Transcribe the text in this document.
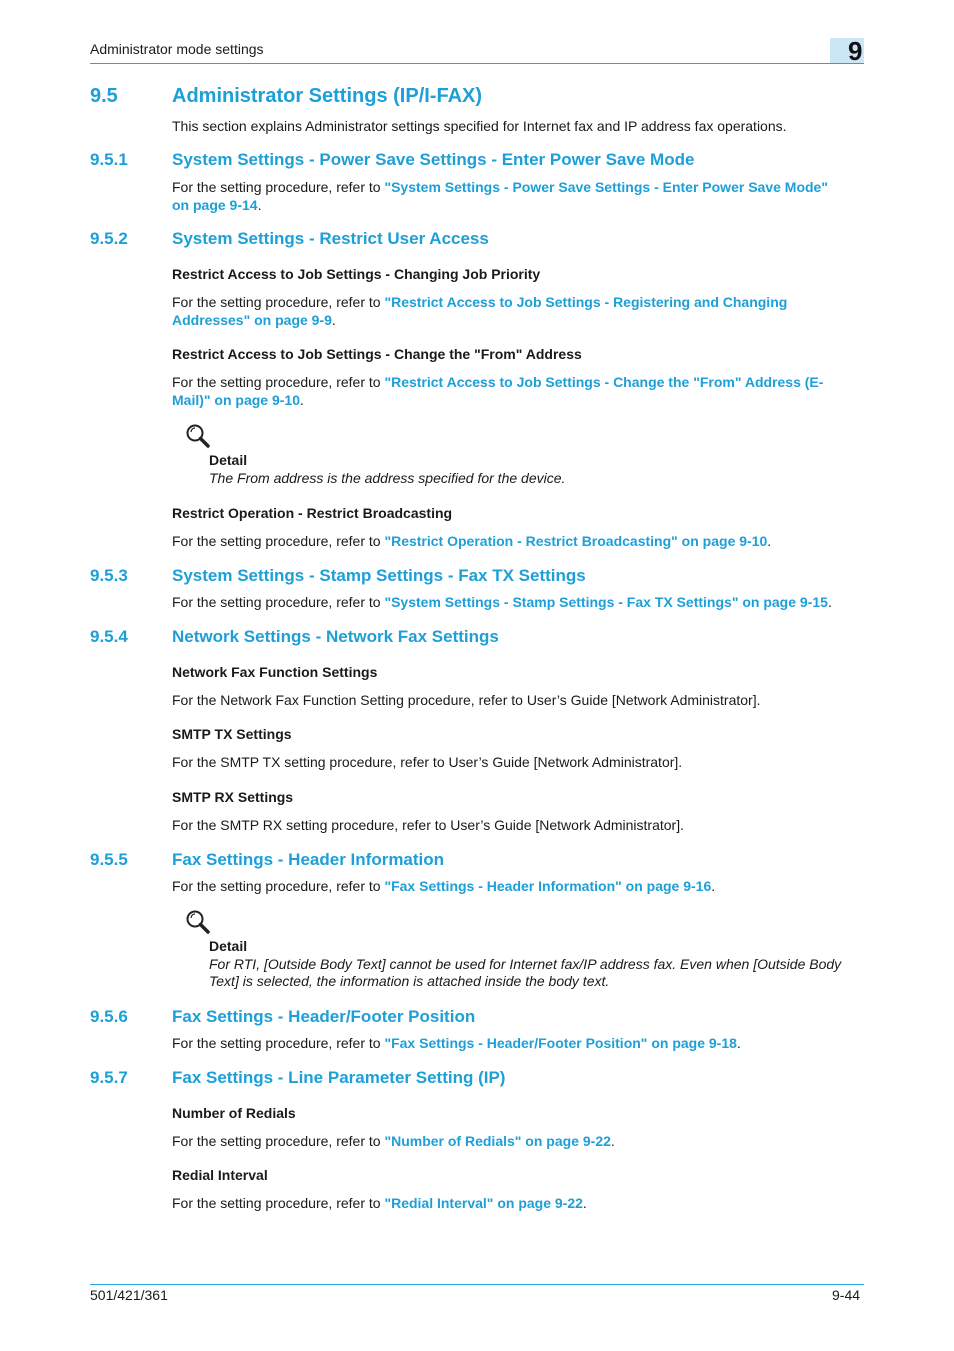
Administrator mode settings	9
9.5	Administrator Settings (IP/I-FAX)
This section explains Administrator settings specified for Internet fax and IP address fax operations.
9.5.1	System Settings - Power Save Settings - Enter Power Save Mode
For the setting procedure, refer to "System Settings - Power Save Settings - Enter Power Save Mode"
on page 9-14.
9.5.2	System Settings - Restrict User Access
Restrict Access to Job Settings - Changing Job Priority
For the setting procedure, refer to "Restrict Access to Job Settings - Registering and Changing
Addresses" on page 9-9.
Restrict Access to Job Settings - Change the "From" Address
For the setting procedure, refer to "Restrict Access to Job Settings - Change the "From" Address (E-
Mail)" on page 9-10.
Detail
The From address is the address specified for the device.
Restrict Operation - Restrict Broadcasting
For the setting procedure, refer to "Restrict Operation - Restrict Broadcasting" on page 9-10.
9.5.3	System Settings - Stamp Settings - Fax TX Settings
For the setting procedure, refer to "System Settings - Stamp Settings - Fax TX Settings" on page 9-15.
9.5.4	Network Settings - Network Fax Settings
Network Fax Function Settings
For the Network Fax Function Setting procedure, refer to User’s Guide [Network Administrator].
SMTP TX Settings
For the SMTP TX setting procedure, refer to User’s Guide [Network Administrator].
SMTP RX Settings
For the SMTP RX setting procedure, refer to User’s Guide [Network Administrator].
9.5.5	Fax Settings - Header Information
For the setting procedure, refer to "Fax Settings - Header Information" on page 9-16.
Detail
For RTI, [Outside Body Text] cannot be used for Internet fax/IP address fax. Even when [Outside Body
Text] is selected, the information is attached inside the body text.
9.5.6	Fax Settings - Header/Footer Position
For the setting procedure, refer to "Fax Settings - Header/Footer Position" on page 9-18.
9.5.7	Fax Settings - Line Parameter Setting (IP)
Number of Redials
For the setting procedure, refer to "Number of Redials" on page 9-22.
Redial Interval
For the setting procedure, refer to "Redial Interval" on page 9-22.
501/421/361	9-44
